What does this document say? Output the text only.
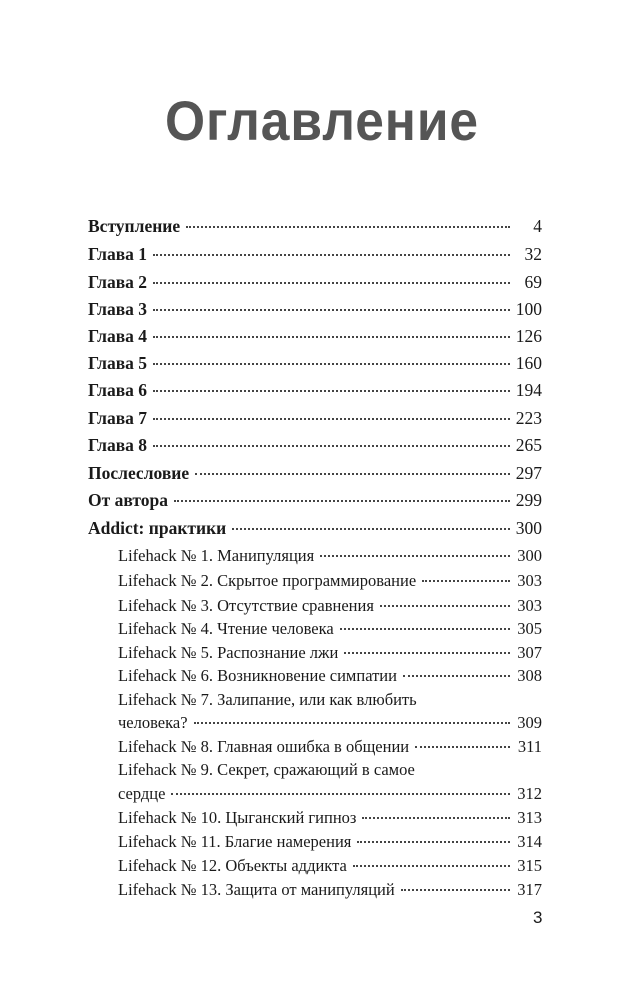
Оглавление
Вступление	4
Глава 1	32
Глава 2	69
Глава 3	100
Глава 4	126
Глава 5	160
Глава 6	194
Глава 7	223
Глава 8	265
Послесловие	297
От автора	299
Addict: практики	300
Lifehack № 1. Манипуляция	300
Lifehack № 2. Скрытое программирование	303
Lifehack № 3. Отсутствие сравнения	303
Lifehack № 4. Чтение человека	305
Lifehack № 5. Распознание лжи	307
Lifehack № 6. Возникновение симпатии	308
Lifehack № 7. Залипание, или как влюбить
человека?	309
Lifehack № 8. Главная ошибка в общении	311
Lifehack № 9. Секрет, сражающий в самое
сердце	312
Lifehack № 10. Цыганский гипноз	313
Lifehack № 11. Благие намерения	314
Lifehack № 12. Объекты аддикта	315
Lifehack № 13. Защита от манипуляций	317
3
